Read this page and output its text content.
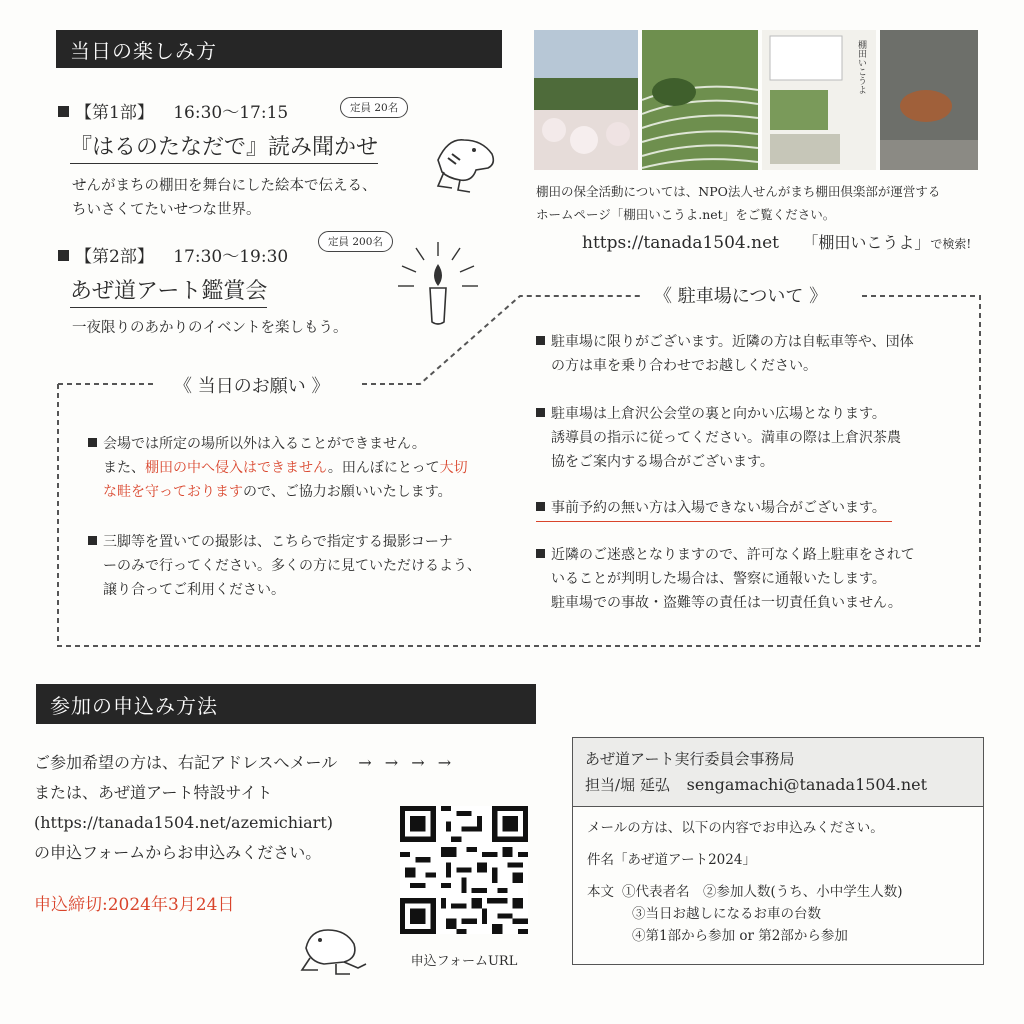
当日の楽しみ方
【第1部】 16:30〜17:15	定員 20名
『はるのたなだで』読み聞かせ
せんがまちの棚田を舞台にした絵本で伝える、
ちいさくてたいせつな世界。
【第2部】 17:30〜19:30
定員 200名
あぜ道アート鑑賞会
一夜限りのあかりのイベントを楽しもう。
棚田いこうよ
棚田の保全活動については、NPO法人せんがまち棚田倶楽部が運営する
ホームページ「棚田いこうよ.net」をご覧ください。
https://tanada1504.net 「棚田いこうよ」で検索!
《 当日のお願い 》
《 駐車場について 》
会場では所定の場所以外は入ることができません。
また、棚田の中へ侵入はできません。田んぼにとって大切
な畦を守っておりますので、ご協力お願いいたします。
三脚等を置いての撮影は、こちらで指定する撮影コーナ
ーのみで行ってください。多くの方に見ていただけるよう、
譲り合ってご利用ください。
駐車場に限りがございます。近隣の方は自転車等や、団体
の方は車を乗り合わせでお越しください。
駐車場は上倉沢公会堂の裏と向かい広場となります。
誘導員の指示に従ってください。満車の際は上倉沢茶農
協をご案内する場合がございます。
事前予約の無い方は入場できない場合がございます。
近隣のご迷惑となりますので、許可なく路上駐車をされて
いることが判明した場合は、警察に通報いたします。
駐車場での事故・盗難等の責任は一切責任負いません。
参加の申込み方法
ご参加希望の方は、右記アドレスへメール → → → →
または、あぜ道アート特設サイト
(https://tanada1504.net/azemichiart)
の申込フォームからお申込みください。
申込締切:2024年3月24日
申込フォームURL
あぜ道アート実行委員会事務局
担当/堀 延弘 sengamachi@tanada1504.net
メールの方は、以下の内容でお申込みください。
件名「あぜ道アート2024」
本文 ①代表者名　②参加人数(うち、小中学生人数)
③当日お越しになるお車の台数
④第1部から参加 or 第2部から参加
